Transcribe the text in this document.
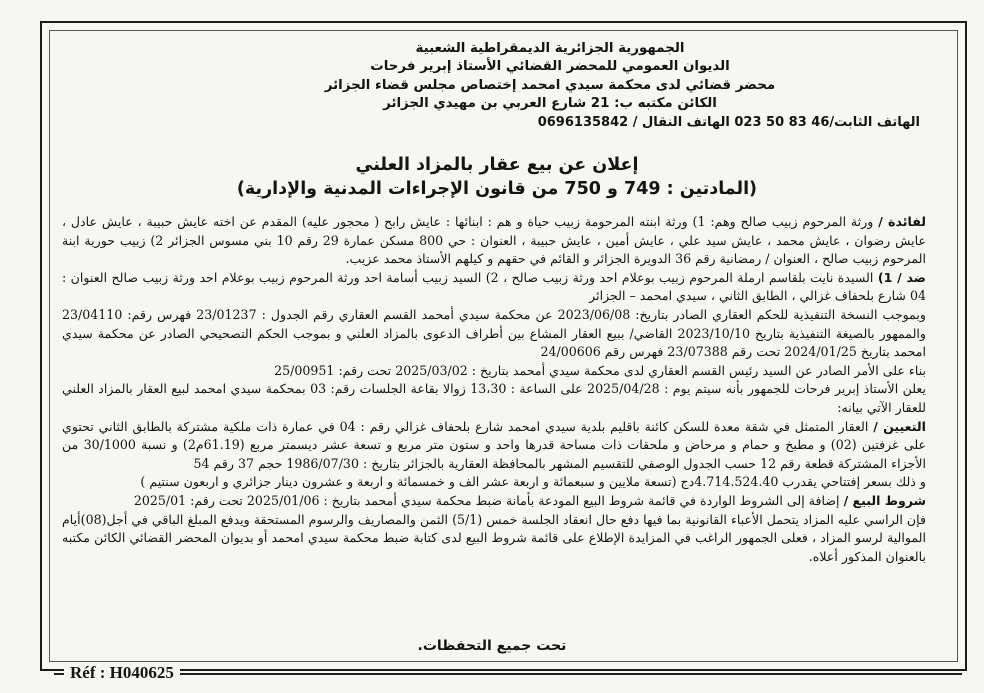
الجمهورية الجزائرية الديمقراطية الشعبية
الديوان العمومي للمحضر القضائي الأستاذ إبرير فرحات
محضر قضائي لدى محكمة سيدي امحمد إختصاص مجلس قضاء الجزائر
الكائن مكتبه ب: 21 شارع العربي بن مهيدي الجزائر
الهاتف الثابت/46 83 50 023 الهاتف النقال / 0696135842
إعلان عن بيع عقار بالمزاد العلني
(المادتين : 749 و 750 من قانون الإجراءات المدنية والإدارية)

لفائدة / ورثة المرحوم زبيب صالح وهم: 1) ورثة ابنته المرحومة زبيب حياة و هم : ابنائها : عايش رابح ( محجور عليه) المقدم عن اخته عايش حبيبة ، عايش عادل ، عايش رضوان ، عايش محمد ، عايش سيد علي ، عايش أمين ، عايش حبيبة ، العنوان : حي 800 مسكن عمارة 29 رقم 10 بني مسوس الجزائر 2) زبيب حورية ابنة المرحوم زبيب صالح ، العنوان / رمضانية رقم 36 الدويرة الجزائر و القائم في حقهم و كيلهم الأستاذ محمد عزيب.

ضد / 1) السيدة نايت بلقاسم ارملة المرحوم زبيب بوعلام احد ورثة زبيب صالح ، 2) السيد زبيب أسامة احد ورثة المرحوم زبيب بوعلام احد ورثة زبيب صالح العنوان : 04 شارع بلحفاف غزالي ، الطابق الثاني ، سيدي امحمد – الجزائر

وبموجب النسخة التنفيذية للحكم العقاري الصادر بتاريخ: 2023/06/08 عن محكمة سيدي أمحمد القسم العقاري رقم الجدول : 23/01237 فهرس رقم: 23/04110 والممهور بالصيغة التنفيذية بتاريخ 2023/10/10 القاضي/ ببيع العقار المشاع بين أطراف الدعوى بالمزاد العلني و بموجب الحكم التصحيحي الصادر عن محكمة سيدي امحمد بتاريخ 2024/01/25 تحت رقم 23/07388 فهرس رقم 24/00606

بناء على الأمر الصادر عن السيد رئيس القسم العقاري لدى محكمة سيدي أمحمد بتاريخ : 2025/03/02 تحت رقم: 25/00951

يعلن الأستاذ إبرير فرحات للجمهور بأنه سيتم يوم : 2025/04/28 على الساعة : 13،30 زوالا بقاعة الجلسات رقم: 03 بمحكمة سيدي امحمد لبيع العقار بالمزاد العلني للعقار الآتي بيانه:

التعيين / العقار المتمثل في شقة معدة للسكن كائنة باقليم بلدية سيدي امحمد شارع بلحفاف غزالي رقم : 04 في عمارة ذات ملكية مشتركة بالطابق الثاني تحتوي على غرفتين (02) و مطبخ و حمام و مرحاض و ملحقات ذات مساحة قدرها واحد و ستون متر مربع و تسعة عشر ديسمتر مربع (61.19م2) و نسبة 30/1000 من الأجزاء المشتركة قطعة رقم 12 حسب الجدول الوصفي للتقسيم المشهر بالمحافظة العقارية بالجزائر بتاريخ : 1986/07/30 حجم 37 رقم 54

و ذلك بسعر إفتتاحي يقدرب 4.714.524.40دج (تسعة ملايين و سبعمائة و اربعة عشر الف و خمسمائة و اربعة و عشرون دينار جزائري و اربعون سنتيم )

شروط البيع / إضافة إلى الشروط الواردة في قائمة شروط البيع المودعة بأمانة ضبط محكمة سيدي أمحمد بتاريخ : 2025/01/06 تحت رقم: 2025/01

فإن الراسي عليه المزاد يتحمل الأعباء القانونية بما فيها دفع حال انعقاد الجلسة خمس (5/1) الثمن والمصاريف والرسوم المستحقة ويدفع المبلغ الباقي في أجل(08)أيام الموالية لرسو المزاد ، فعلى الجمهور الراغب في المزايدة الإطلاع على قائمة شروط البيع لدى كتابة ضبط محكمة سيدي امحمد أو بديوان المحضر القضائي الكائن مكتبه بالعنوان المذكور أعلاه.

تحت جميع التحفظات.
Réf : H040625
